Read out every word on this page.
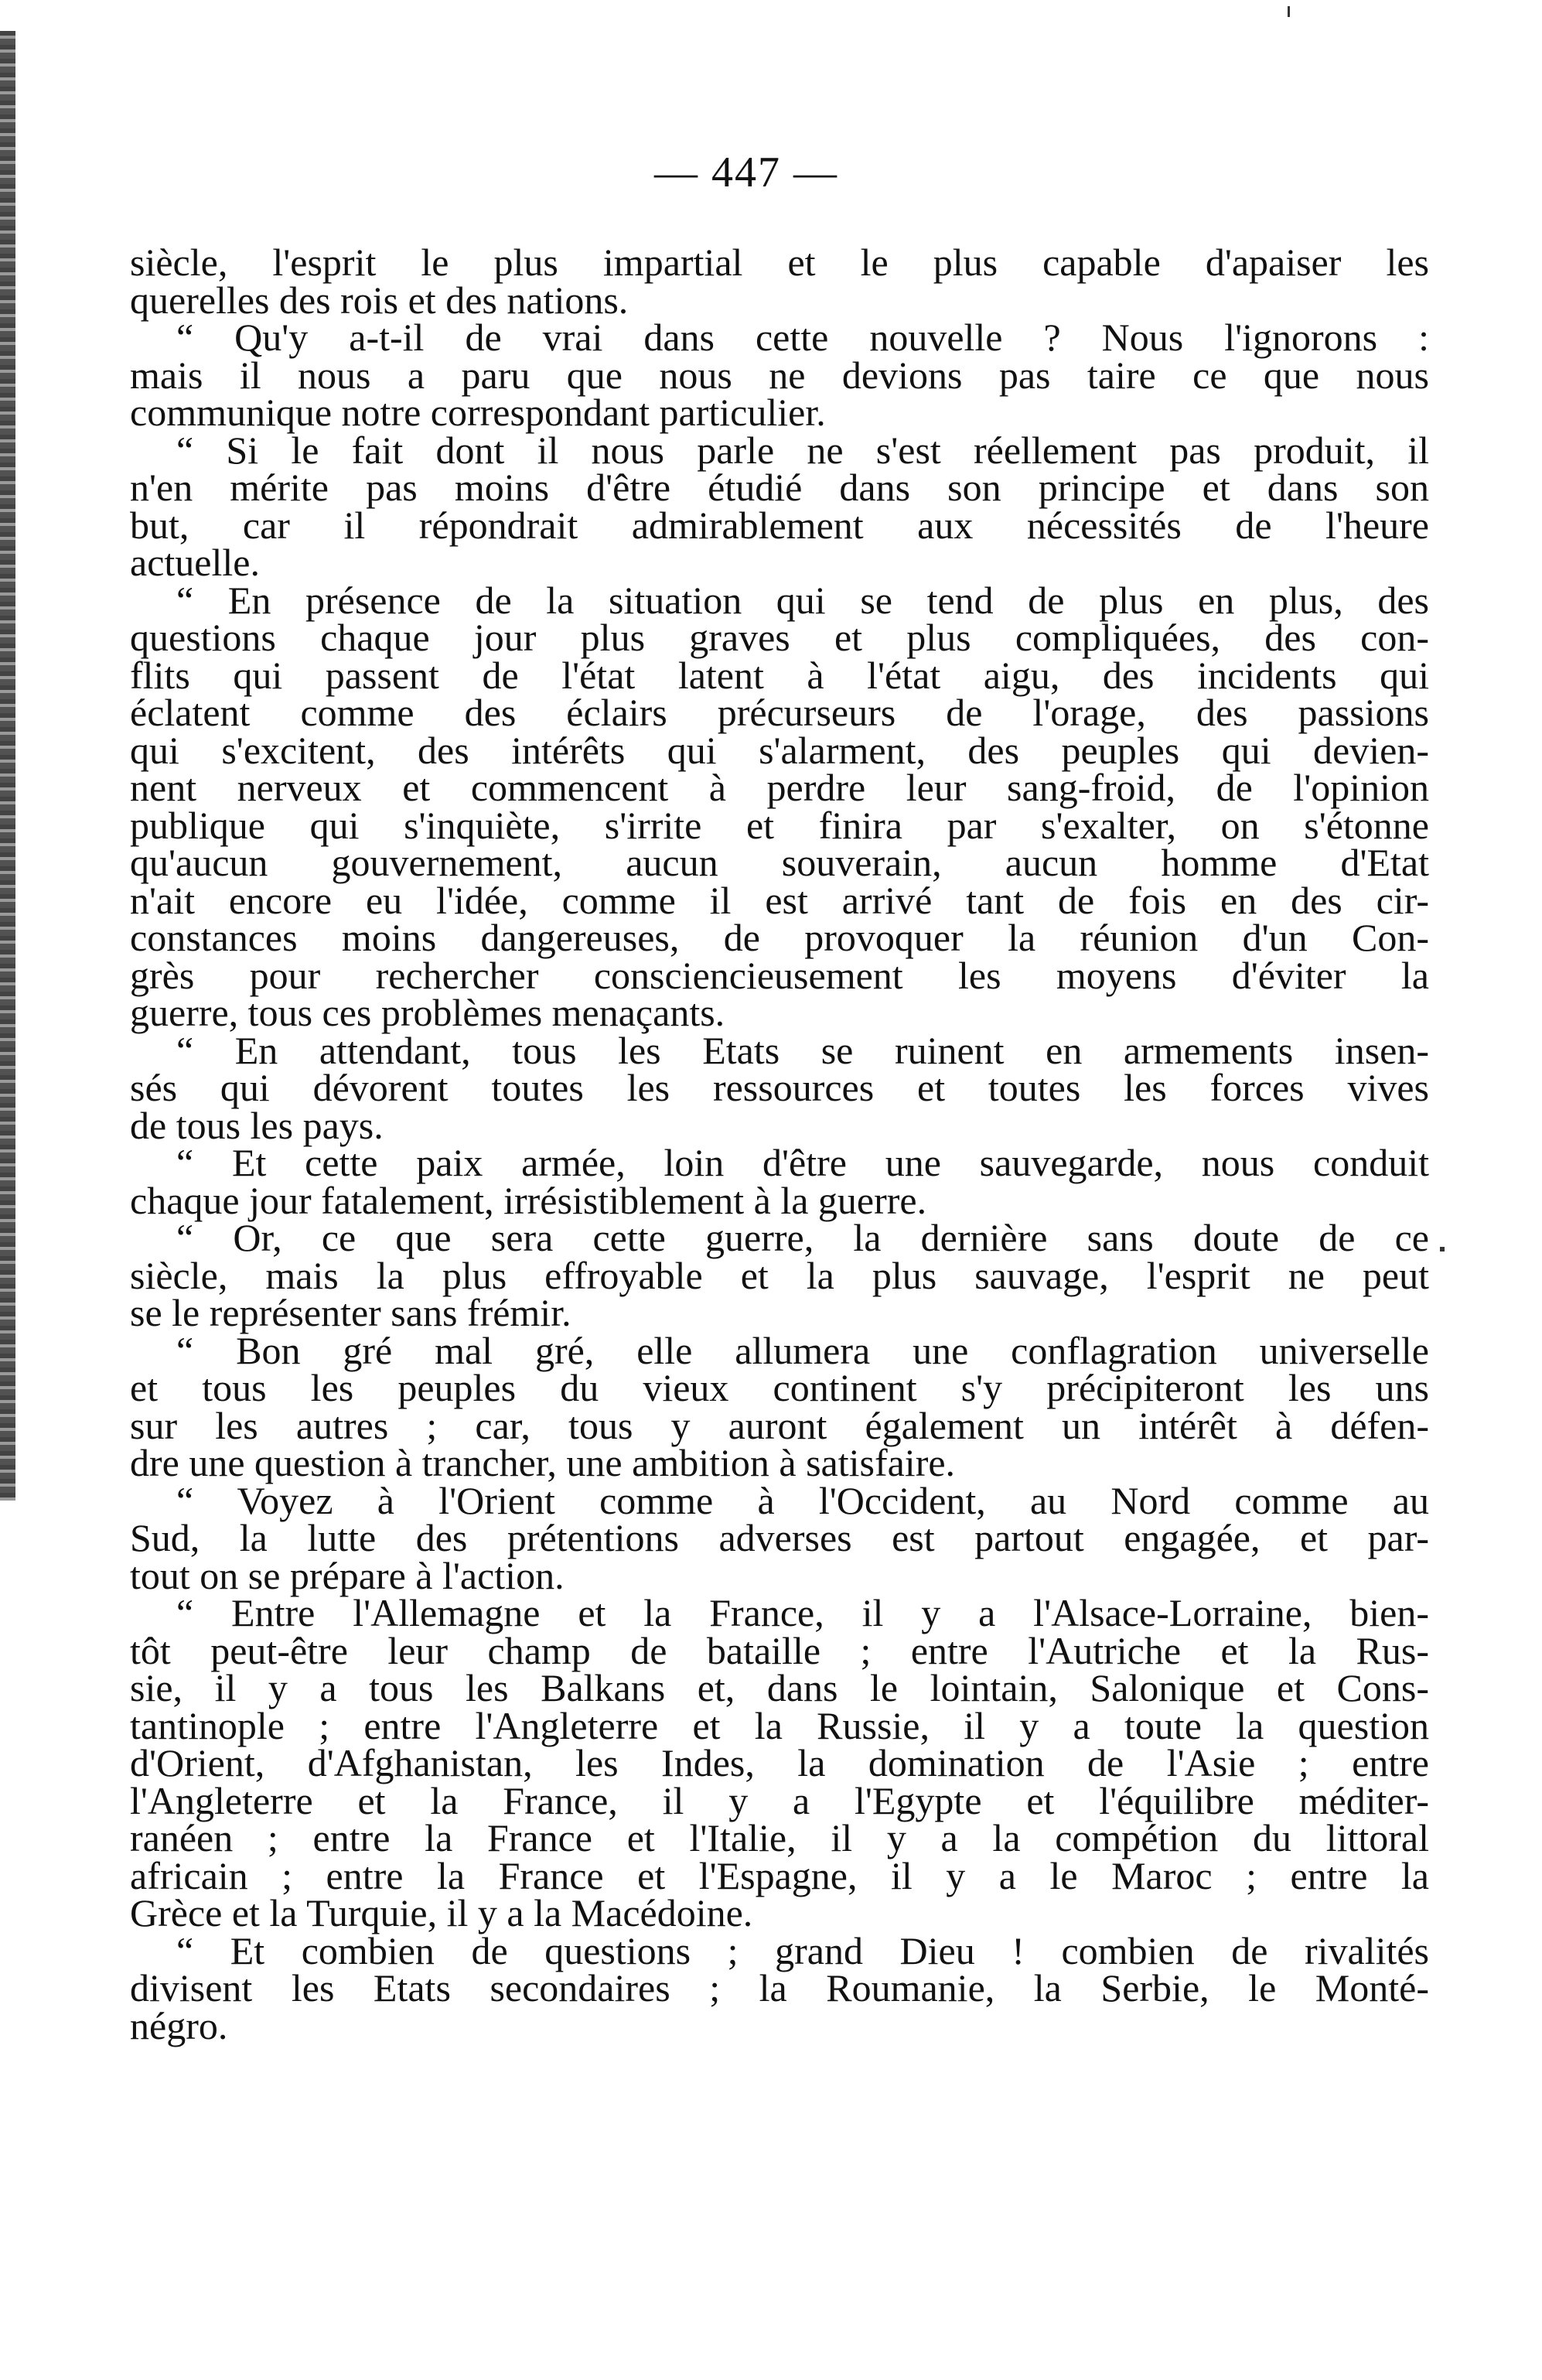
— 447 —
siècle, l'esprit le plus impartial et le plus capable d'apaiser les
querelles des rois et des nations.
“ Qu'y a-t-il de vrai dans cette nouvelle ? Nous l'ignorons :
mais il nous a paru que nous ne devions pas taire ce que nous
communique notre correspondant particulier.
“ Si le fait dont il nous parle ne s'est réellement pas produit, il
n'en mérite pas moins d'être étudié dans son principe et dans son
but, car il répondrait admirablement aux nécessités de l'heure
actuelle.
“ En présence de la situation qui se tend de plus en plus, des
questions chaque jour plus graves et plus compliquées, des con-
flits qui passent de l'état latent à l'état aigu, des incidents qui
éclatent comme des éclairs précurseurs de l'orage, des passions
qui s'excitent, des intérêts qui s'alarment, des peuples qui devien-
nent nerveux et commencent à perdre leur sang-froid, de l'opinion
publique qui s'inquiète, s'irrite et finira par s'exalter, on s'étonne
qu'aucun gouvernement, aucun souverain, aucun homme d'Etat
n'ait encore eu l'idée, comme il est arrivé tant de fois en des cir-
constances moins dangereuses, de provoquer la réunion d'un Con-
grès pour rechercher consciencieusement les moyens d'éviter la
guerre, tous ces problèmes menaçants.
“ En attendant, tous les Etats se ruinent en armements insen-
sés qui dévorent toutes les ressources et toutes les forces vives
de tous les pays.
“ Et cette paix armée, loin d'être une sauvegarde, nous conduit
chaque jour fatalement, irrésistiblement à la guerre.
“ Or, ce que sera cette guerre, la dernière sans doute de ce
siècle, mais la plus effroyable et la plus sauvage, l'esprit ne peut
se le représenter sans frémir.
“ Bon gré mal gré, elle allumera une conflagration universelle
et tous les peuples du vieux continent s'y précipiteront les uns
sur les autres ; car, tous y auront également un intérêt à défen-
dre une question à trancher, une ambition à satisfaire.
“ Voyez à l'Orient comme à l'Occident, au Nord comme au
Sud, la lutte des prétentions adverses est partout engagée, et par-
tout on se prépare à l'action.
“ Entre l'Allemagne et la France, il y a l'Alsace-Lorraine, bien-
tôt peut-être leur champ de bataille ; entre l'Autriche et la Rus-
sie, il y a tous les Balkans et, dans le lointain, Salonique et Cons-
tantinople ; entre l'Angleterre et la Russie, il y a toute la question
d'Orient, d'Afghanistan, les Indes, la domination de l'Asie ; entre
l'Angleterre et la France, il y a l'Egypte et l'équilibre méditer-
ranéen ; entre la France et l'Italie, il y a la compétion du littoral
africain ; entre la France et l'Espagne, il y a le Maroc ; entre la
Grèce et la Turquie, il y a la Macédoine.
“ Et combien de questions ; grand Dieu ! combien de rivalités
divisent les Etats secondaires ; la Roumanie, la Serbie, le Monté-
négro.
